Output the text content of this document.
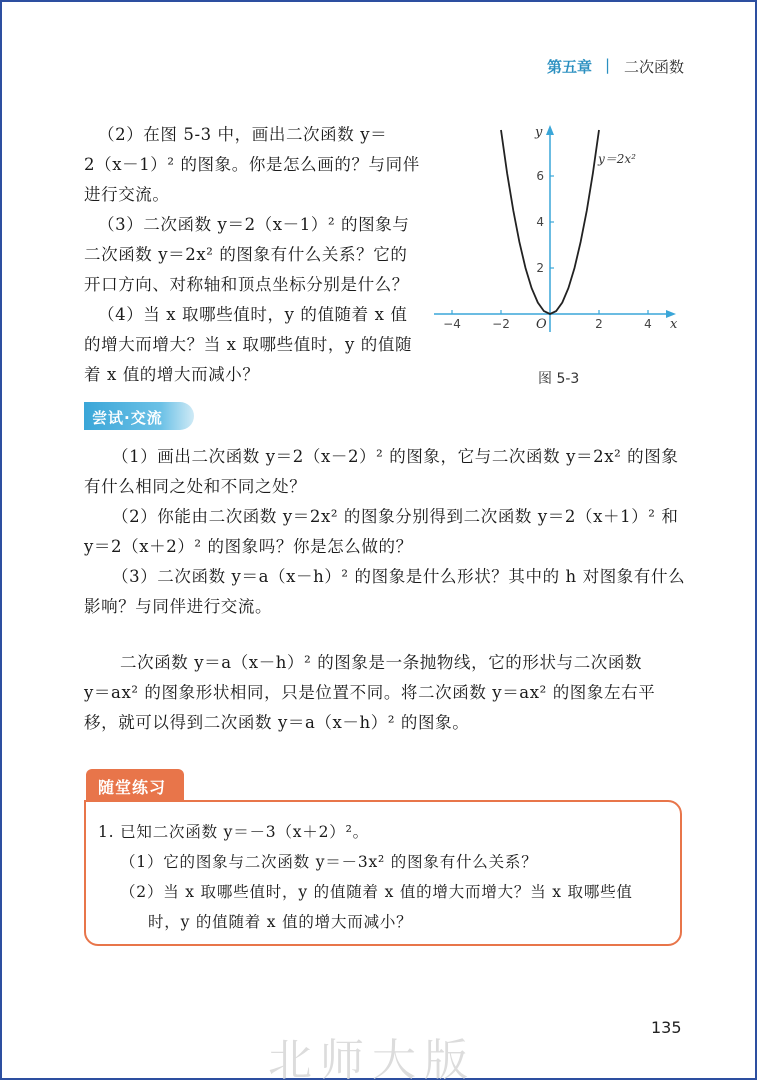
第五章 | 二次函数
（2）在图 5-3 中，画出二次函数 y＝
2（x－1）² 的图象。你是怎么画的？与同伴
进行交流。
（3）二次函数 y＝2（x－1）² 的图象与
二次函数 y＝2x² 的图象有什么关系？它的
开口方向、对称轴和顶点坐标分别是什么？
（4）当 x 取哪些值时，y 的值随着 x 值
的增大而增大？当 x 取哪些值时，y 的值随
着 x 值的增大而减小？
x
y
O
y＝2x²
−4	−2	2	4
2
4
6
图 5-3
尝试·交流
（1）画出二次函数 y＝2（x－2）² 的图象，它与二次函数 y＝2x² 的图象
有什么相同之处和不同之处？
（2）你能由二次函数 y＝2x² 的图象分别得到二次函数 y＝2（x＋1）² 和
y＝2（x＋2）² 的图象吗？你是怎么做的？
（3）二次函数 y＝a（x－h）² 的图象是什么形状？其中的 h 对图象有什么
影响？与同伴进行交流。
二次函数 y＝a（x－h）² 的图象是一条抛物线，它的形状与二次函数
y＝ax² 的图象形状相同，只是位置不同。将二次函数 y＝ax² 的图象左右平
移，就可以得到二次函数 y＝a（x－h）² 的图象。
随堂练习
1. 已知二次函数 y＝－3（x＋2）²。
（1）它的图象与二次函数 y＝－3x² 的图象有什么关系？
（2）当 x 取哪些值时，y 的值随着 x 值的增大而增大？当 x 取哪些值
时，y 的值随着 x 值的增大而减小？
135
北师大版
